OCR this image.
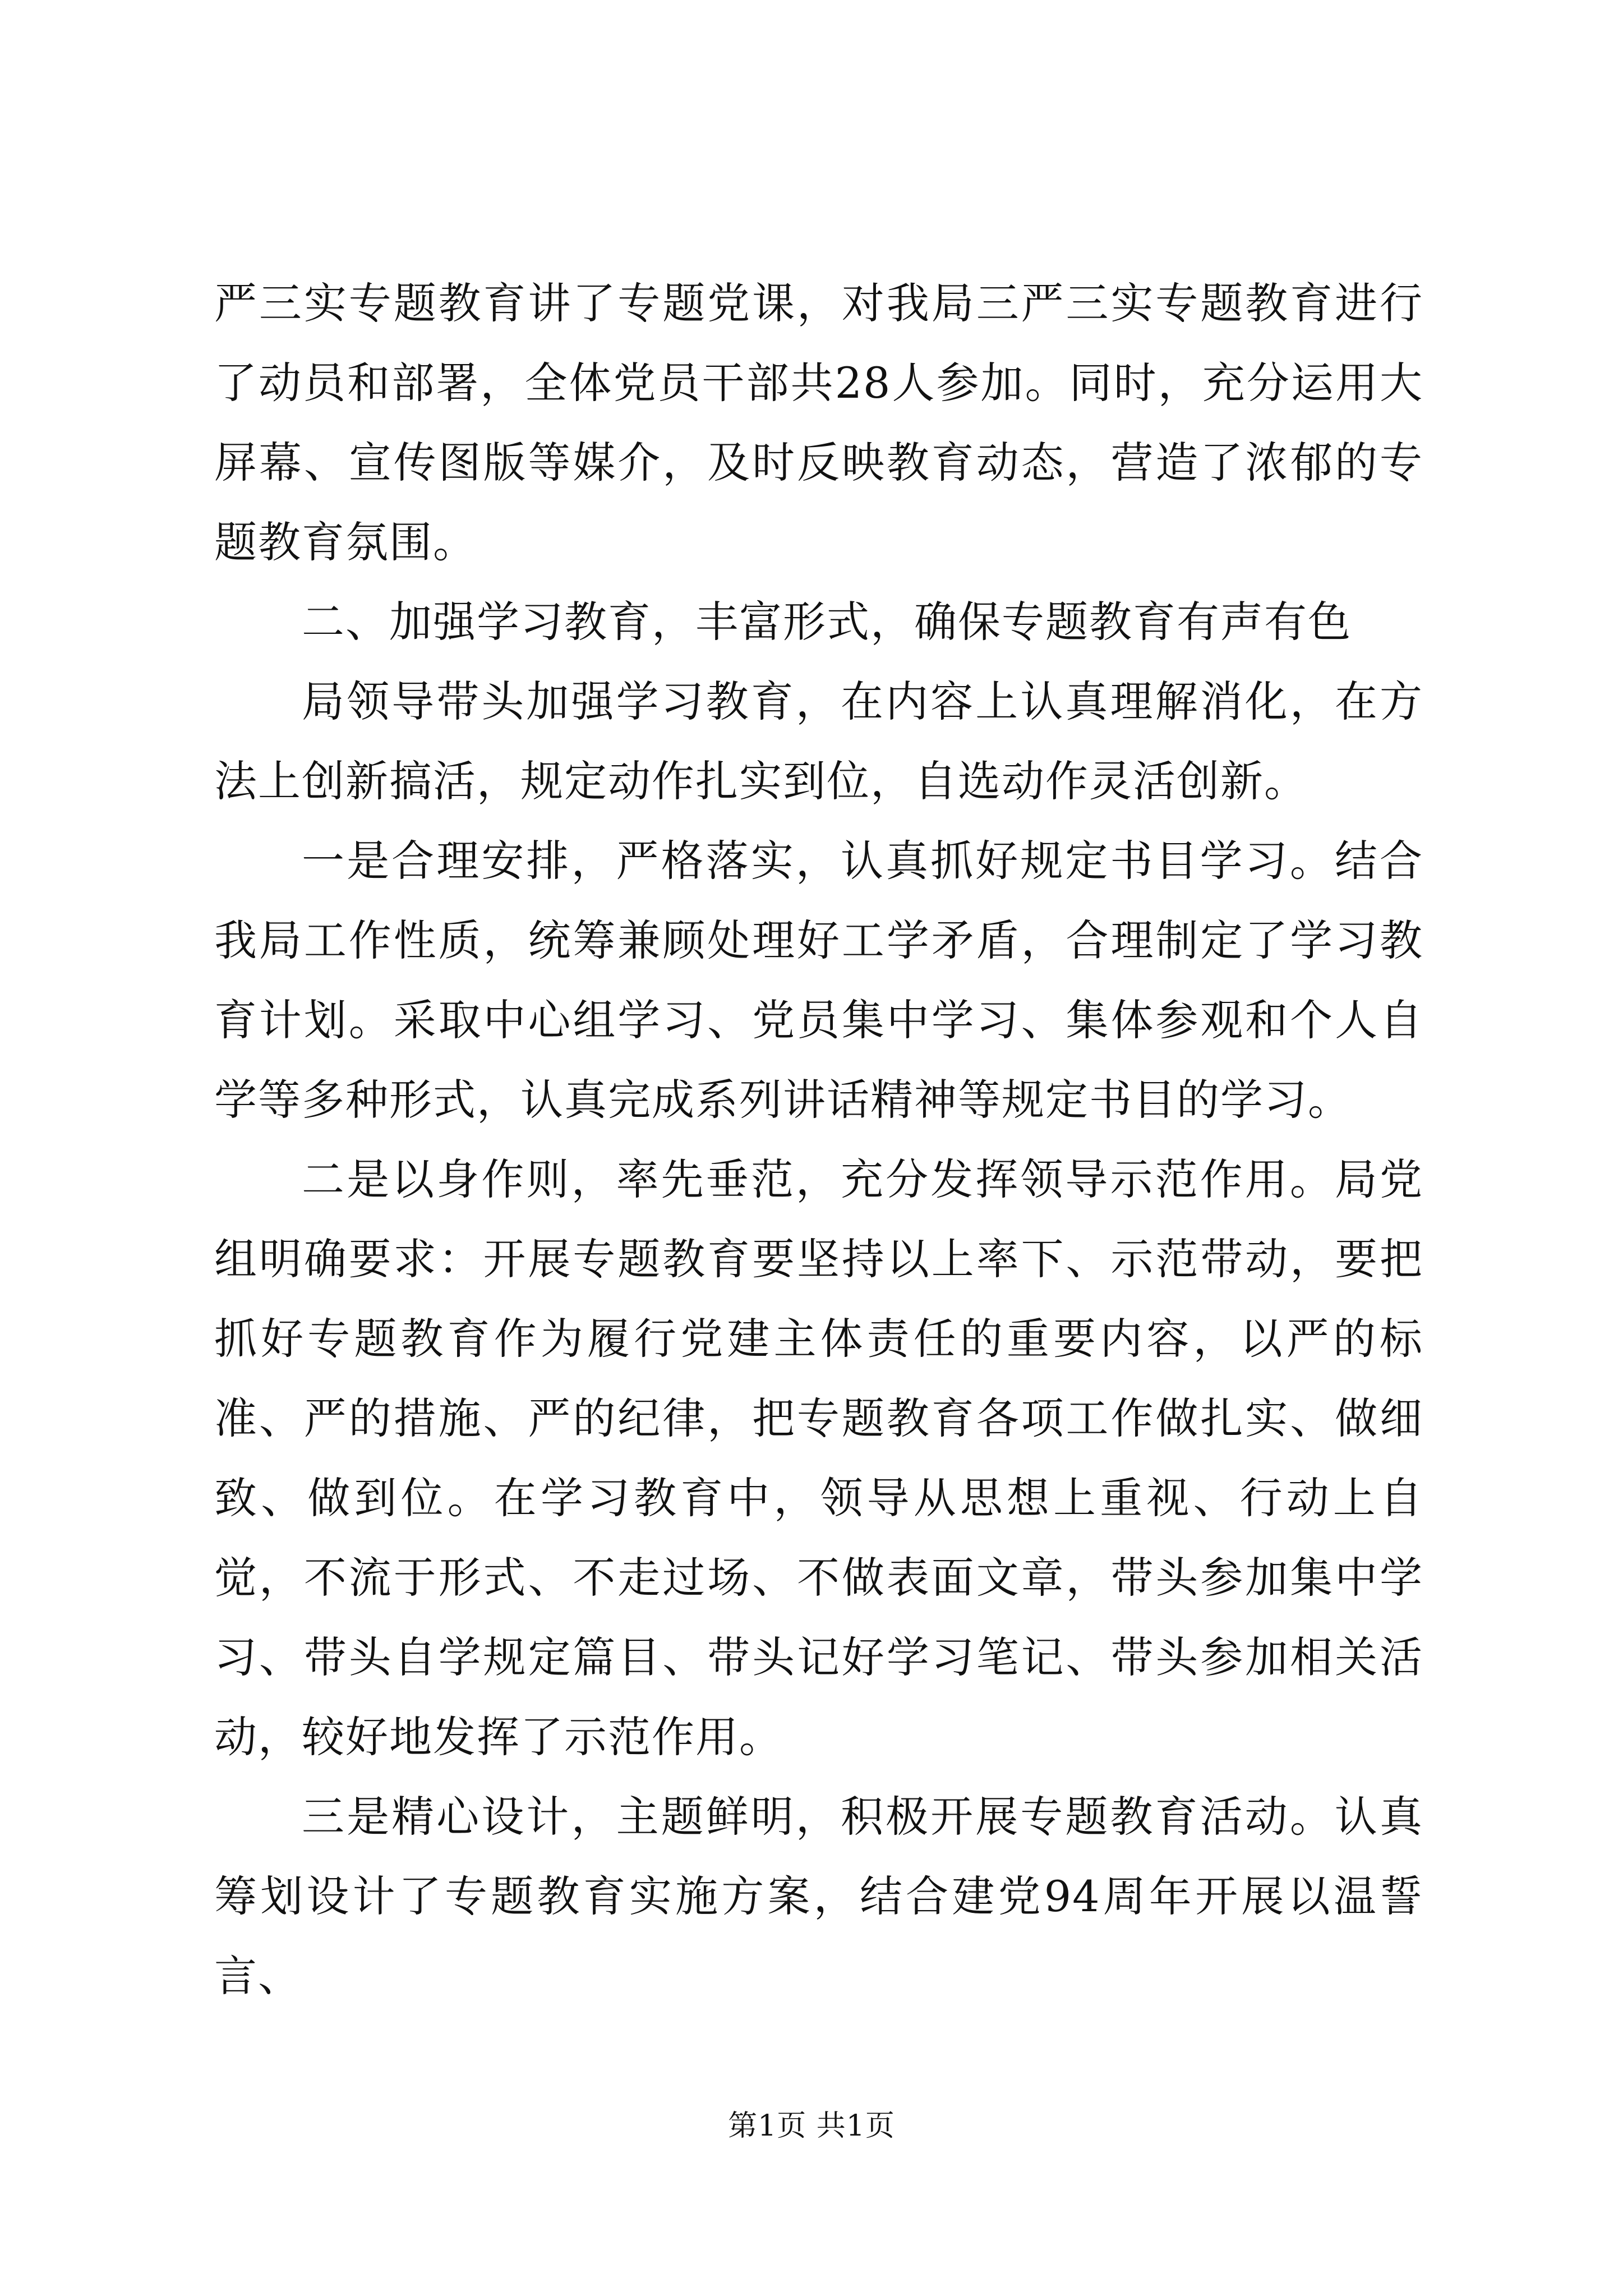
严三实专题教育讲了专题党课，对我局三严三实专题教育进行了动员和部署，全体党员干部共28人参加。同时，充分运用大屏幕、宣传图版等媒介，及时反映教育动态，营造了浓郁的专题教育氛围。

二、加强学习教育，丰富形式，确保专题教育有声有色

局领导带头加强学习教育，在内容上认真理解消化，在方法上创新搞活，规定动作扎实到位，自选动作灵活创新。

一是合理安排，严格落实，认真抓好规定书目学习。结合我局工作性质，统筹兼顾处理好工学矛盾，合理制定了学习教育计划。采取中心组学习、党员集中学习、集体参观和个人自学等多种形式，认真完成系列讲话精神等规定书目的学习。

二是以身作则，率先垂范，充分发挥领导示范作用。局党组明确要求：开展专题教育要坚持以上率下、示范带动，要把抓好专题教育作为履行党建主体责任的重要内容，以严的标准、严的措施、严的纪律，把专题教育各项工作做扎实、做细致、做到位。在学习教育中，领导从思想上重视、行动上自觉，不流于形式、不走过场、不做表面文章，带头参加集中学习、带头自学规定篇目、带头记好学习笔记、带头参加相关活动，较好地发挥了示范作用。

三是精心设计，主题鲜明，积极开展专题教育活动。认真筹划设计了专题教育实施方案，结合建党94周年开展以温誓言、

第1页 共1页
